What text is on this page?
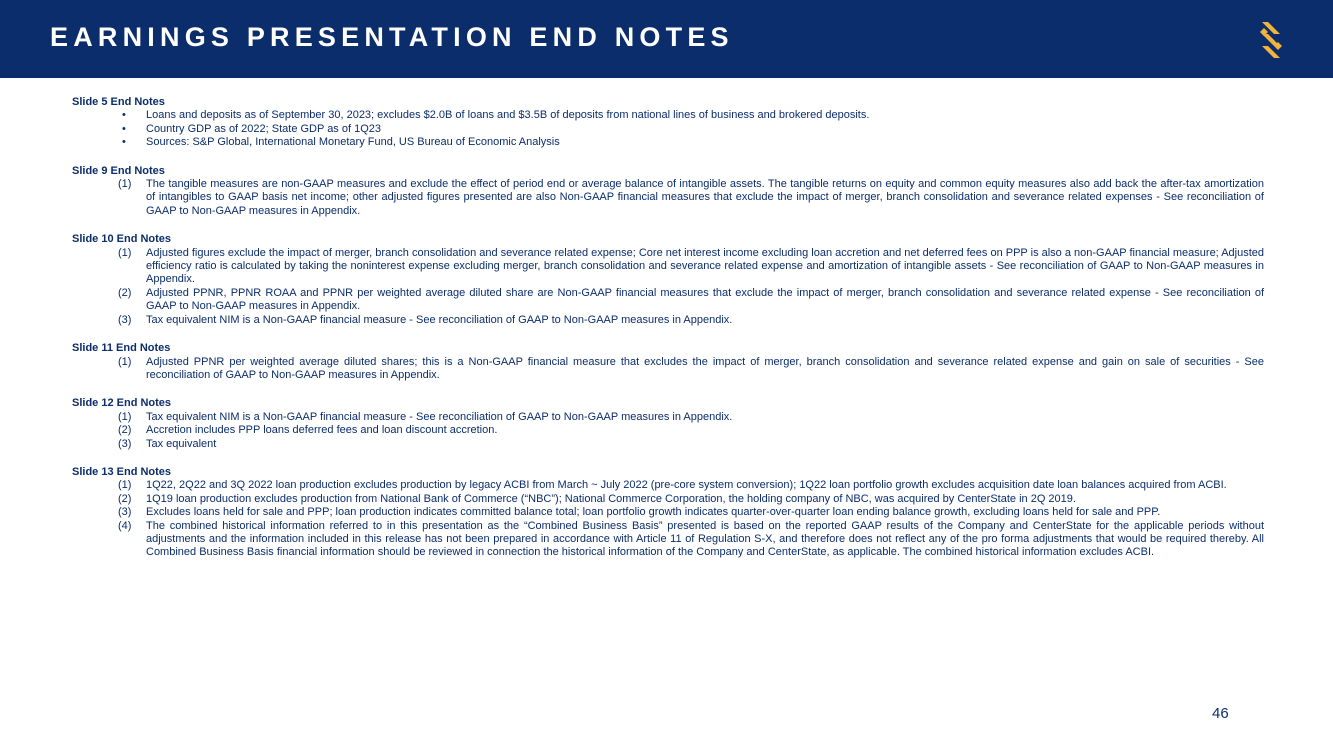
EARNINGS PRESENTATION END NOTES
Slide 5 End Notes
• Loans and deposits as of September 30, 2023; excludes $2.0B of loans and $3.5B of deposits from national lines of business and brokered deposits.
• Country GDP as of 2022; State GDP as of 1Q23
• Sources: S&P Global, International Monetary Fund, US Bureau of Economic Analysis
Slide 9 End Notes
(1) The tangible measures are non-GAAP measures and exclude the effect of period end or average balance of intangible assets. The tangible returns on equity and common equity measures also add back the after-tax amortization of intangibles to GAAP basis net income; other adjusted figures presented are also Non-GAAP financial measures that exclude the impact of merger, branch consolidation and severance related expenses - See reconciliation of GAAP to Non-GAAP measures in Appendix.
Slide 10 End Notes
(1) Adjusted figures exclude the impact of merger, branch consolidation and severance related expense; Core net interest income excluding loan accretion and net deferred fees on PPP is also a non-GAAP financial measure; Adjusted efficiency ratio is calculated by taking the noninterest expense excluding merger, branch consolidation and severance related expense and amortization of intangible assets - See reconciliation of GAAP to Non-GAAP measures in Appendix.
(2) Adjusted PPNR, PPNR ROAA and PPNR per weighted average diluted share are Non-GAAP financial measures that exclude the impact of merger, branch consolidation and severance related expense - See reconciliation of GAAP to Non-GAAP measures in Appendix.
(3) Tax equivalent NIM is a Non-GAAP financial measure - See reconciliation of GAAP to Non-GAAP measures in Appendix.
Slide 11 End Notes
(1) Adjusted PPNR per weighted average diluted shares; this is a Non-GAAP financial measure that excludes the impact of merger, branch consolidation and severance related expense and gain on sale of securities - See reconciliation of GAAP to Non-GAAP measures in Appendix.
Slide 12 End Notes
(1) Tax equivalent NIM is a Non-GAAP financial measure - See reconciliation of GAAP to Non-GAAP measures in Appendix.
(2) Accretion includes PPP loans deferred fees and loan discount accretion.
(3) Tax equivalent
Slide 13 End Notes
(1) 1Q22, 2Q22 and 3Q 2022 loan production excludes production by legacy ACBI from March ~ July 2022 (pre-core system conversion); 1Q22 loan portfolio growth excludes acquisition date loan balances acquired from ACBI.
(2) 1Q19 loan production excludes production from National Bank of Commerce (“NBC”); National Commerce Corporation, the holding company of NBC, was acquired by CenterState in 2Q 2019.
(3) Excludes loans held for sale and PPP; loan production indicates committed balance total; loan portfolio growth indicates quarter-over-quarter loan ending balance growth, excluding loans held for sale and PPP.
(4) The combined historical information referred to in this presentation as the “Combined Business Basis” presented is based on the reported GAAP results of the Company and CenterState for the applicable periods without adjustments and the information included in this release has not been prepared in accordance with Article 11 of Regulation S-X, and therefore does not reflect any of the pro forma adjustments that would be required thereby. All Combined Business Basis financial information should be reviewed in connection the historical information of the Company and CenterState, as applicable. The combined historical information excludes ACBI.
46
